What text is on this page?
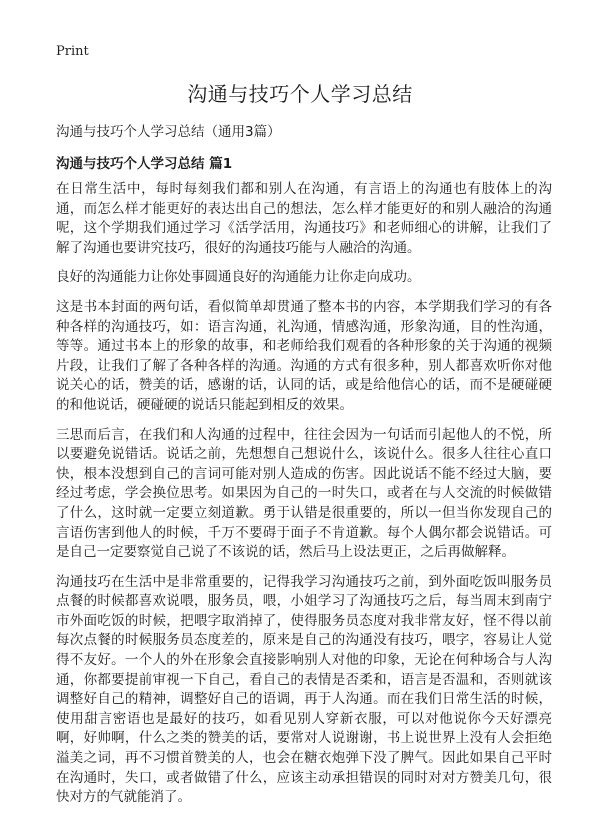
Print
沟通与技巧个人学习总结

沟通与技巧个人学习总结（通用3篇）

沟通与技巧个人学习总结 篇1

在日常生活中，每时每刻我们都和别人在沟通，有言语上的沟通也有肢体上的沟通，而怎么样才能更好的表达出自己的想法，怎么样才能更好的和别人融洽的沟通呢，这个学期我们通过学习《活学活用，沟通技巧》和老师细心的讲解，让我们了解了沟通也要讲究技巧，很好的沟通技巧能与人融洽的沟通。

良好的沟通能力让你处事圆通良好的沟通能力让你走向成功。

这是书本封面的两句话，看似简单却贯通了整本书的内容，本学期我们学习的有各种各样的沟通技巧，如：语言沟通，礼沟通，情感沟通，形象沟通，目的性沟通，等等。通过书本上的形象的故事，和老师给我们观看的各种形象的关于沟通的视频片段，让我们了解了各种各样的沟通。沟通的方式有很多种，别人都喜欢听你对他说关心的话，赞美的话，感谢的话，认同的话，或是给他信心的话，而不是硬碰硬的和他说话，硬碰硬的说话只能起到相反的效果。

三思而后言，在我们和人沟通的过程中，往往会因为一句话而引起他人的不悦，所以要避免说错话。说话之前，先想想自己想说什么，该说什么。很多人往往心直口快，根本没想到自己的言词可能对别人造成的伤害。因此说话不能不经过大脑，要经过考虑，学会换位思考。如果因为自己的一时失口，或者在与人交流的时候做错了什么，这时就一定要立刻道歉。勇于认错是很重要的，所以一但当你发现自己的言语伤害到他人的时候，千万不要碍于面子不肯道歉。每个人偶尔都会说错话。可是自己一定要察觉自己说了不该说的话，然后马上设法更正，之后再做解释。

沟通技巧在生活中是非常重要的，记得我学习沟通技巧之前，到外面吃饭叫服务员点餐的时候都喜欢说喂，服务员，喂，小姐学习了沟通技巧之后，每当周末到南宁市外面吃饭的时候，把喂字取消掉了，使得服务员态度对我非常友好，怪不得以前每次点餐的时候服务员态度差的，原来是自己的沟通没有技巧，喂字，容易让人觉得不友好。一个人的外在形象会直接影响别人对他的印象，无论在何种场合与人沟通，你都要提前审视一下自己，看自己的表情是否柔和，语言是否温和，否则就该调整好自己的精神，调整好自己的语调，再于人沟通。而在我们日常生活的时候，使用甜言密语也是最好的技巧，如看见别人穿新衣服，可以对他说你今天好漂亮啊，好帅啊，什么之类的赞美的话，要常对人说谢谢，书上说世界上没有人会拒绝溢美之词，再不习惯首赞美的人，也会在糖衣炮弹下没了脾气。因此如果自己平时在沟通时，失口，或者做错了什么，应该主动承担错误的同时对对方赞美几句，很快对方的气就能消了。
